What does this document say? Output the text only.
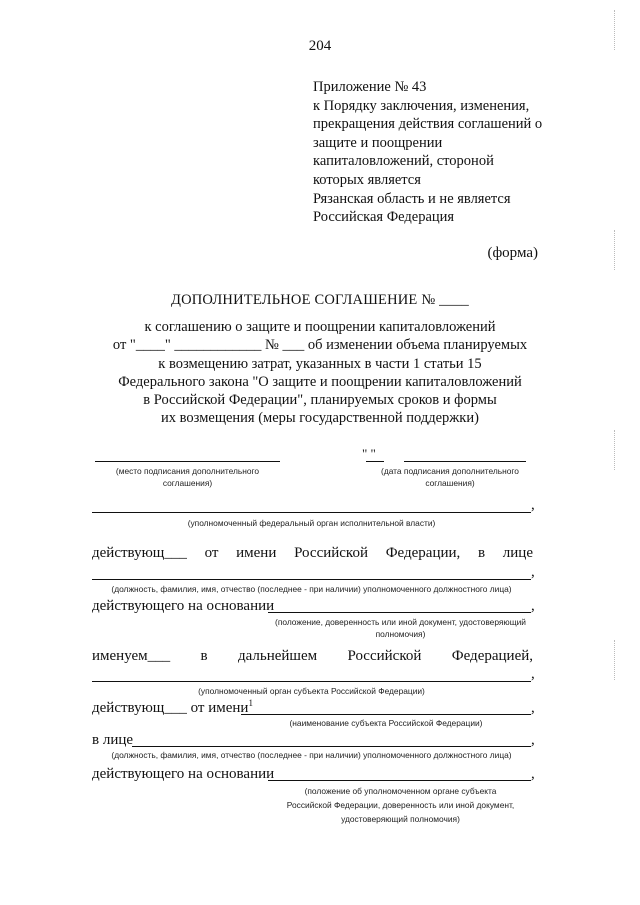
204
Приложение № 43
к Порядку заключения, изменения,
прекращения действия соглашений о
защите и поощрении
капиталовложений, стороной
которых является
Рязанская область и не является
Российская Федерация
(форма)
ДОПОЛНИТЕЛЬНОЕ СОГЛАШЕНИЕ № ____
к соглашению о защите и поощрении капиталовложений
от "____" ____________ № ___ об изменении объема планируемых
к возмещению затрат, указанных в части 1 статьи 15
Федерального закона "О защите и поощрении капиталовложений
в Российской Федерации", планируемых сроков и формы
их возмещения (меры государственной поддержки)
(место подписания дополнительного
соглашения)
" "
(дата подписания дополнительного
соглашения)
,
(уполномоченный федеральный орган исполнительной власти)
действующ___ от имени Российской Федерации, в лице
,
(должность, фамилия, имя, отчество (последнее - при наличии) уполномоченного должностного лица)
действующего на основании	,
(положение, доверенность или иной документ, удостоверяющий
полномочия)
именуем___ в дальнейшем Российской Федерацией,
,
(уполномоченный орган субъекта Российской Федерации)
действующ___ от имени$^1$	,
(наименование субъекта Российской Федерации)
в лице	,
(должность, фамилия, имя, отчество (последнее - при наличии) уполномоченного должностного лица)
действующего на основании	,
(положение об уполномоченном органе субъекта
Российской Федерации, доверенность или иной документ,
удостоверяющий полномочия)
